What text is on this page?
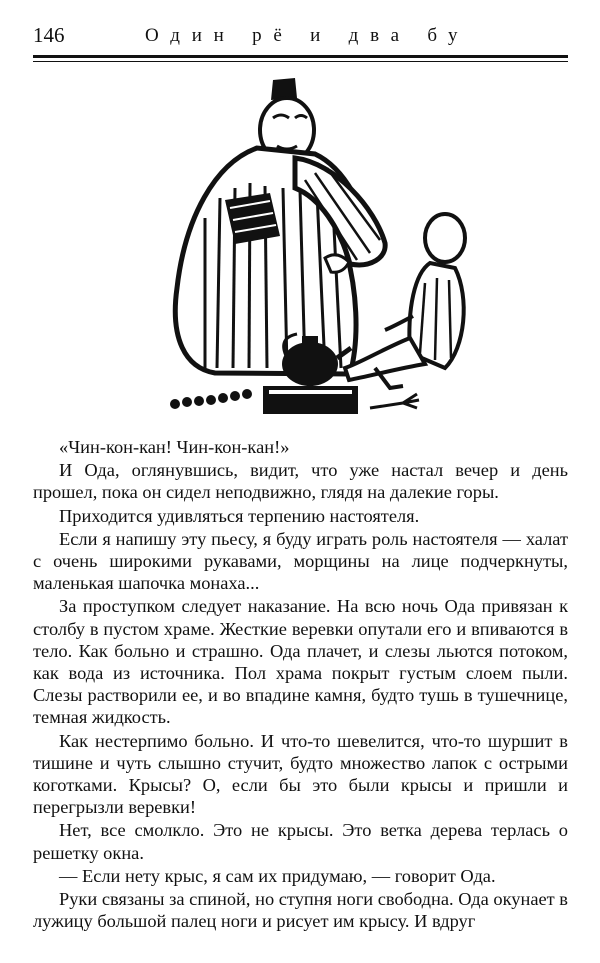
146	Один рё и два бу

«Чин-кон-кан! Чин-кон-кан!»

И Ода, оглянувшись, видит, что уже настал вечер и день прошел, пока он сидел неподвижно, глядя на далекие горы.

Приходится удивляться терпению настоятеля.

Если я напишу эту пьесу, я буду играть роль настоятеля — халат с очень широкими рукавами, морщины на лице подчеркнуты, маленькая шапочка монаха...

За проступком следует наказание. На всю ночь Ода привязан к столбу в пустом храме. Жесткие веревки опутали его и впиваются в тело. Как больно и страшно. Ода плачет, и слезы льются потоком, как вода из источника. Пол храма покрыт густым слоем пыли. Слезы растворили ее, и во впадине камня, будто тушь в тушечнице, темная жидкость.

Как нестерпимо больно. И что-то шевелится, что-то шуршит в тишине и чуть слышно стучит, будто множество лапок с острыми коготками. Крысы? О, если бы это были крысы и пришли и перегрызли веревки!

Нет, все смолкло. Это не крысы. Это ветка дерева терлась о решетку окна.

— Если нету крыс, я сам их придумаю, — говорит Ода.

Руки связаны за спиной, но ступня ноги свободна. Ода окунает в лужицу большой палец ноги и рисует им крысу. И вдруг
